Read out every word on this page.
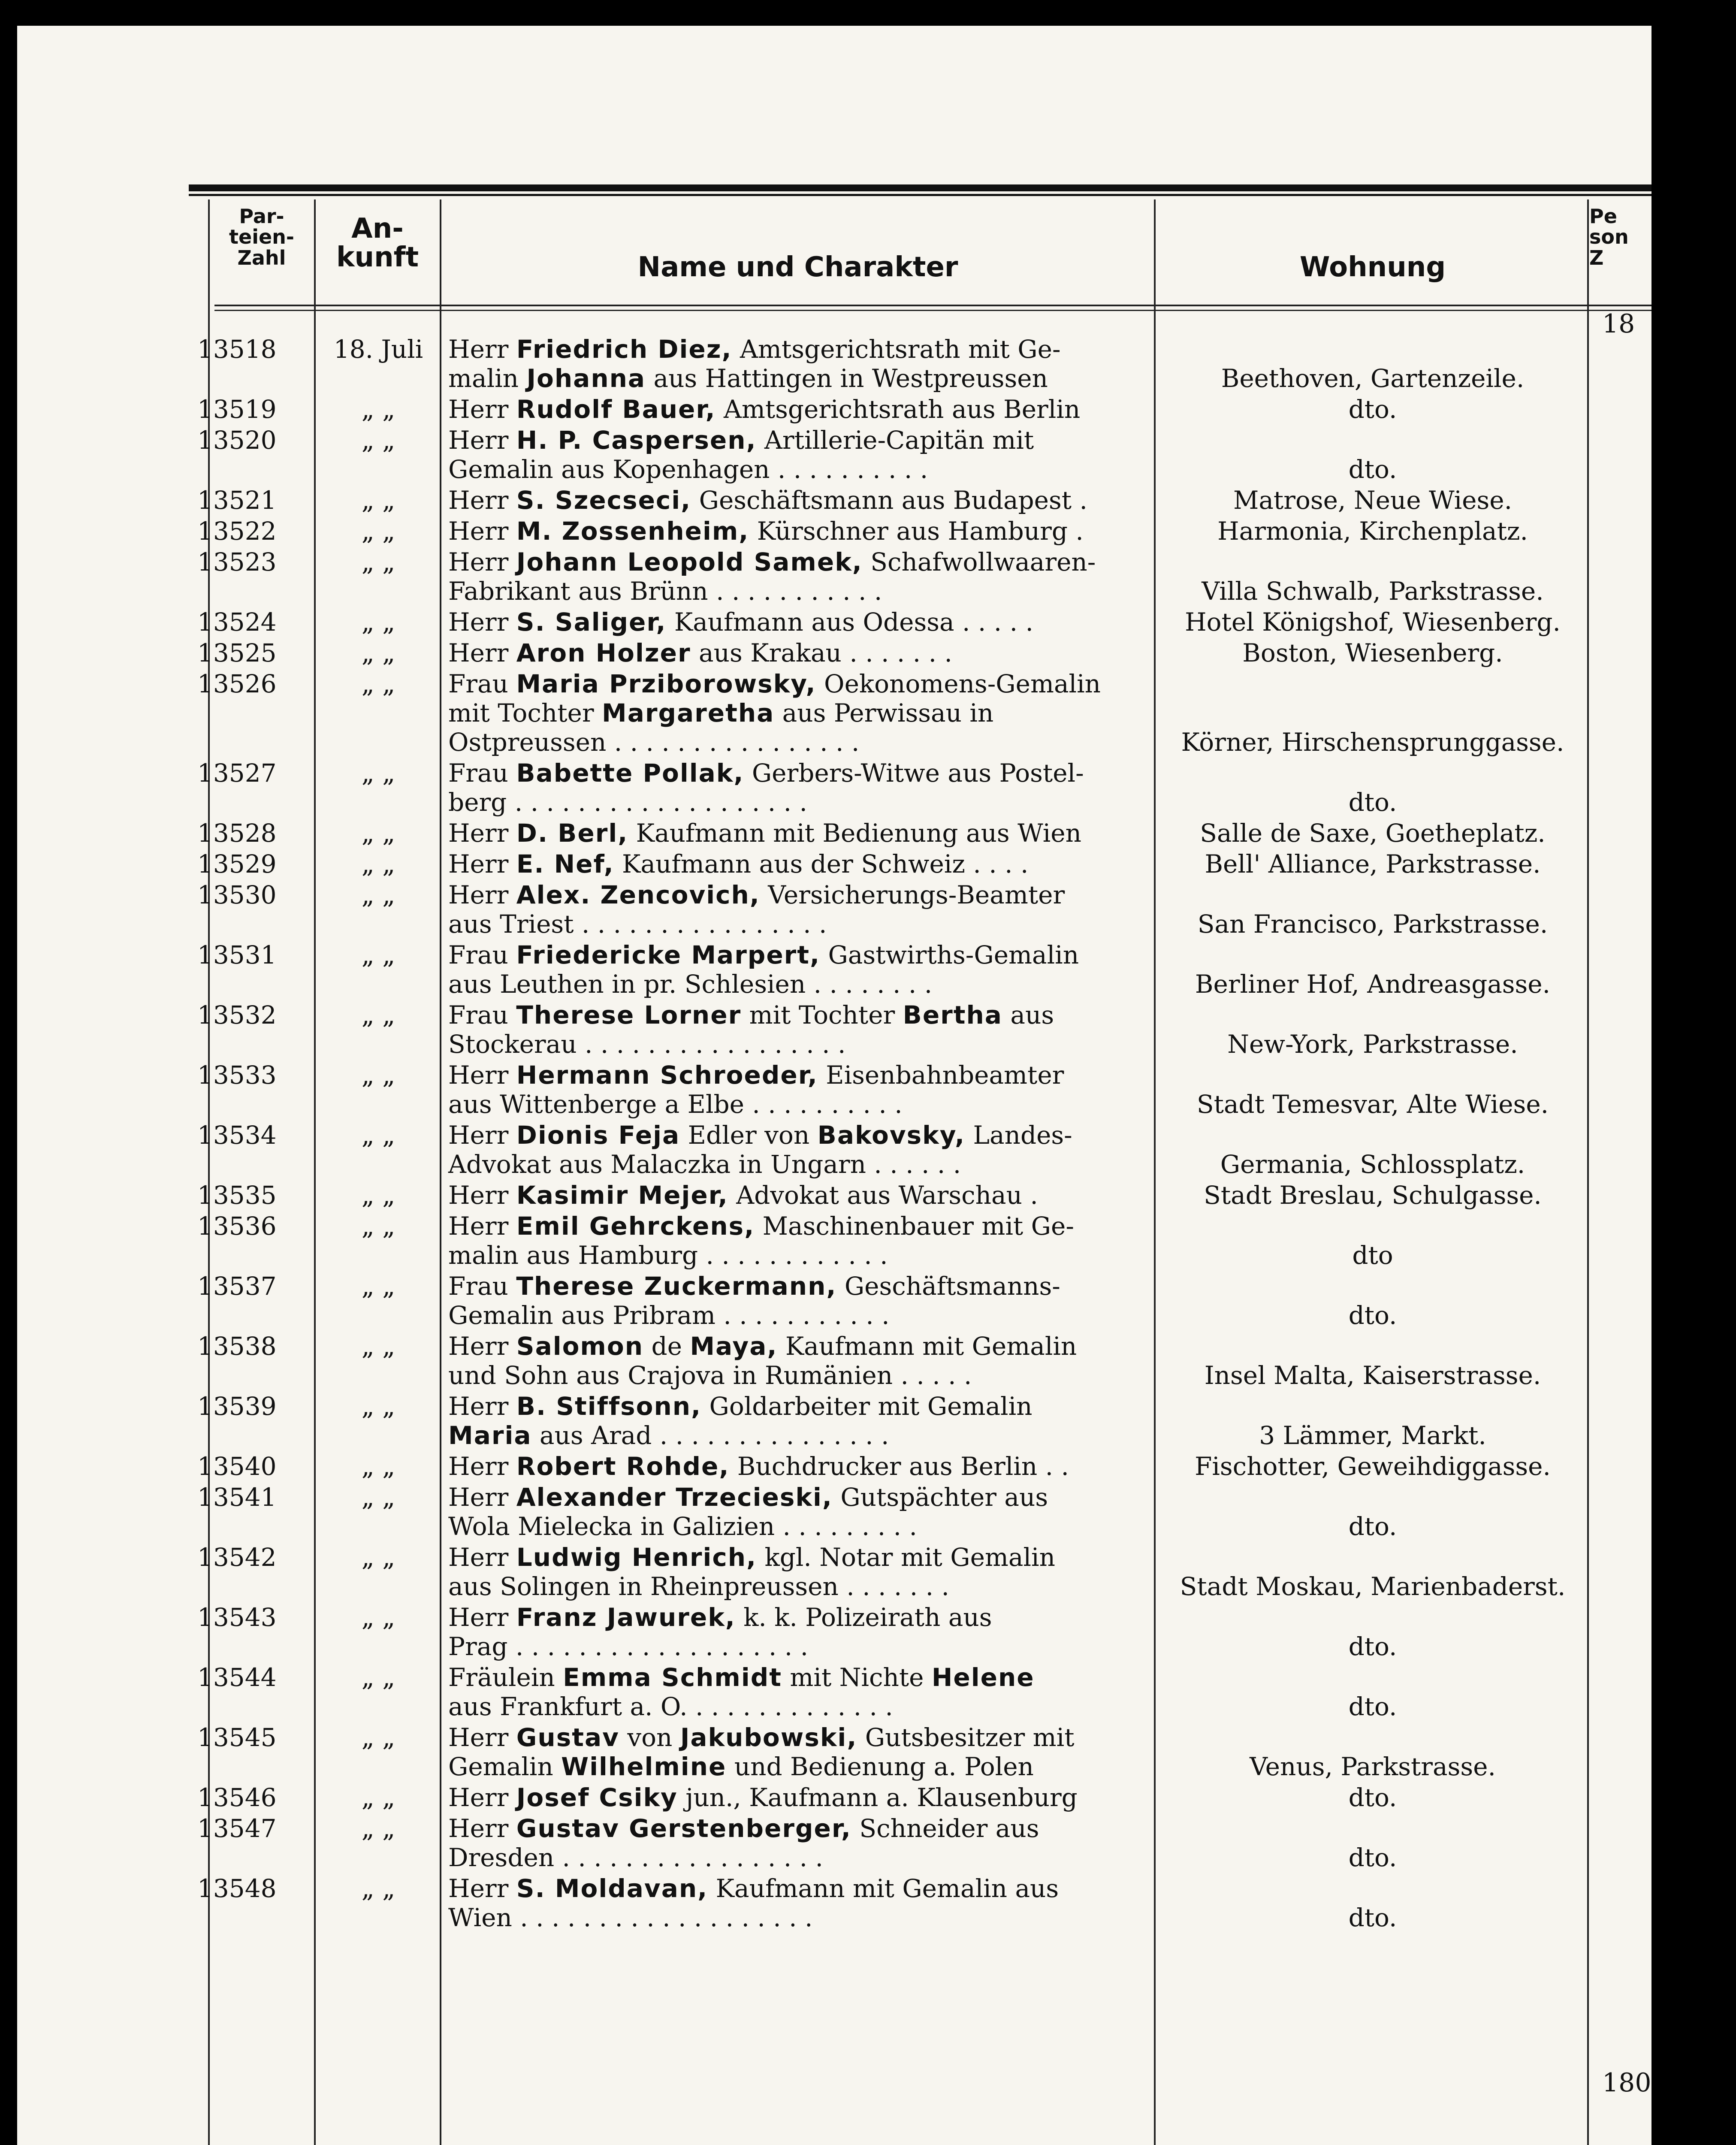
Par-
teien-
Zahl
An-
kunft	Name und Charakter	Wohnung
Pe
son
Z
18
180
13518	18. Juli	Herr Friedrich Diez, Amtsgerichtsrath mit Ge-
malin Johanna aus Hattingen in Westpreussen	Beethoven, Gartenzeile.
13519	„ „	Herr Rudolf Bauer, Amtsgerichtsrath aus Berlin	dto.
13520	„ „	Herr H. P. Caspersen, Artillerie-Capitän mit
Gemalin aus Kopenhagen . . . . . . . . . .	dto.
13521	„ „	Herr S. Szecseci, Geschäftsmann aus Budapest .	Matrose, Neue Wiese.
13522	„ „	Herr M. Zossenheim, Kürschner aus Hamburg .	Harmonia, Kirchenplatz.
13523	„ „	Herr Johann Leopold Samek, Schafwollwaaren-
Fabrikant aus Brünn . . . . . . . . . . .	Villa Schwalb, Parkstrasse.
13524	„ „	Herr S. Saliger, Kaufmann aus Odessa . . . . .	Hotel Königshof, Wiesenberg.
13525	„ „	Herr Aron Holzer aus Krakau . . . . . . .	Boston, Wiesenberg.
13526	„ „	Frau Maria Prziborowsky, Oekonomens-Gemalin
mit Tochter Margaretha aus Perwissau in
Ostpreussen . . . . . . . . . . . . . . . .	Körner, Hirschensprunggasse.
13527	„ „	Frau Babette Pollak, Gerbers-Witwe aus Postel-
berg . . . . . . . . . . . . . . . . . . .	dto.
13528	„ „	Herr D. Berl, Kaufmann mit Bedienung aus Wien	Salle de Saxe, Goetheplatz.
13529	„ „	Herr E. Nef, Kaufmann aus der Schweiz . . . .	Bell' Alliance, Parkstrasse.
13530	„ „	Herr Alex. Zencovich, Versicherungs-Beamter
aus Triest . . . . . . . . . . . . . . . .	San Francisco, Parkstrasse.
13531	„ „	Frau Friedericke Marpert, Gastwirths-Gemalin
aus Leuthen in pr. Schlesien . . . . . . . .	Berliner Hof, Andreasgasse.
13532	„ „	Frau Therese Lorner mit Tochter Bertha aus
Stockerau . . . . . . . . . . . . . . . . .	New-York, Parkstrasse.
13533	„ „	Herr Hermann Schroeder, Eisenbahnbeamter
aus Wittenberge a Elbe . . . . . . . . . .	Stadt Temesvar, Alte Wiese.
13534	„ „	Herr Dionis Feja Edler von Bakovsky, Landes-
Advokat aus Malaczka in Ungarn . . . . . .	Germania, Schlossplatz.
13535	„ „	Herr Kasimir Mejer, Advokat aus Warschau .	Stadt Breslau, Schulgasse.
13536	„ „	Herr Emil Gehrckens, Maschinenbauer mit Ge-
malin aus Hamburg . . . . . . . . . . . .	dto
13537	„ „	Frau Therese Zuckermann, Geschäftsmanns-
Gemalin aus Pribram . . . . . . . . . . .	dto.
13538	„ „	Herr Salomon de Maya, Kaufmann mit Gemalin
und Sohn aus Crajova in Rumänien . . . . .	Insel Malta, Kaiserstrasse.
13539	„ „	Herr B. Stiffsonn, Goldarbeiter mit Gemalin
Maria aus Arad . . . . . . . . . . . . . . .	3 Lämmer, Markt.
13540	„ „	Herr Robert Rohde, Buchdrucker aus Berlin . .	Fischotter, Geweihdiggasse.
13541	„ „	Herr Alexander Trzecieski, Gutspächter aus
Wola Mielecka in Galizien . . . . . . . . .	dto.
13542	„ „	Herr Ludwig Henrich, kgl. Notar mit Gemalin
aus Solingen in Rheinpreussen . . . . . . .	Stadt Moskau, Marienbaderst.
13543	„ „	Herr Franz Jawurek, k. k. Polizeirath aus
Prag . . . . . . . . . . . . . . . . . . .	dto.
13544	„ „	Fräulein Emma Schmidt mit Nichte Helene
aus Frankfurt a. O. . . . . . . . . . . . . .	dto.
13545	„ „	Herr Gustav von Jakubowski, Gutsbesitzer mit
Gemalin Wilhelmine und Bedienung a. Polen	Venus, Parkstrasse.
13546	„ „	Herr Josef Csiky jun., Kaufmann a. Klausenburg	dto.
13547	„ „	Herr Gustav Gerstenberger, Schneider aus
Dresden . . . . . . . . . . . . . . . . .	dto.
13548	„ „	Herr S. Moldavan, Kaufmann mit Gemalin aus
Wien . . . . . . . . . . . . . . . . . . .	dto.
